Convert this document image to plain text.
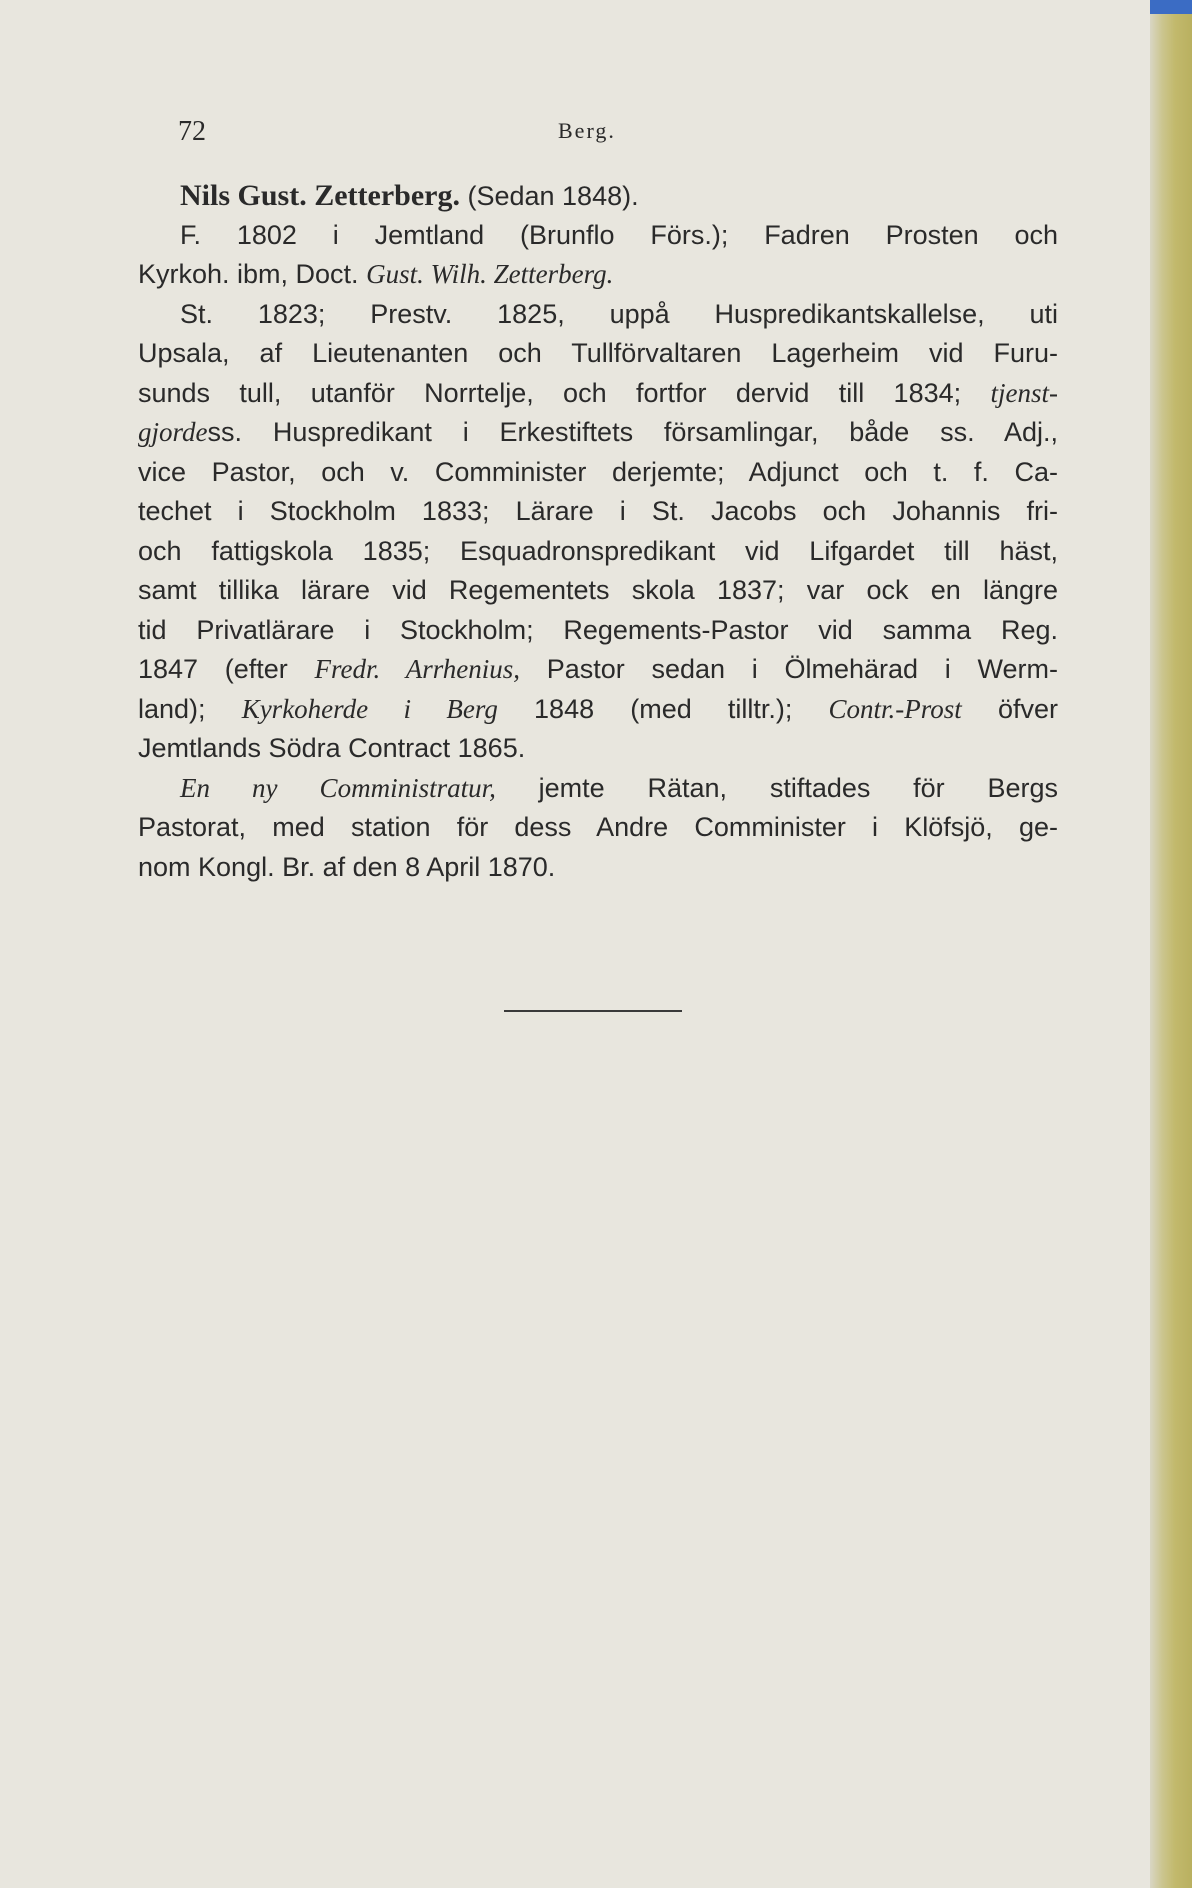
72	Berg.
Nils Gust. Zetterberg. (Sedan 1848).
F. 1802 i Jemtland (Brunflo Förs.); Fadren Prosten och
Kyrkoh. ibm, Doct. Gust. Wilh. Zetterberg.
St. 1823; Prestv. 1825, uppå Huspredikantskallelse, uti
Upsala, af Lieutenanten och Tullförvaltaren Lagerheim vid Furu-
sunds tull, utanför Norrtelje, och fortfor dervid till 1834; tjenst-
gjordess. Huspredikant i Erkestiftets församlingar, både ss. Adj.,
vice Pastor, och v. Comminister derjemte; Adjunct och t. f. Ca-
techet i Stockholm 1833; Lärare i St. Jacobs och Johannis fri-
och fattigskola 1835; Esquadronspredikant vid Lifgardet till häst,
samt tillika lärare vid Regementets skola 1837; var ock en längre
tid Privatlärare i Stockholm; Regements-Pastor vid samma Reg.
1847 (efter Fredr. Arrhenius, Pastor sedan i Ölmehärad i Werm-
land); Kyrkoherde i Berg 1848 (med tilltr.); Contr.-Prost öfver
Jemtlands Södra Contract 1865.
En ny Comministratur, jemte Rätan, stiftades för Bergs
Pastorat, med station för dess Andre Comminister i Klöfsjö, ge-
nom Kongl. Br. af den 8 April 1870.
